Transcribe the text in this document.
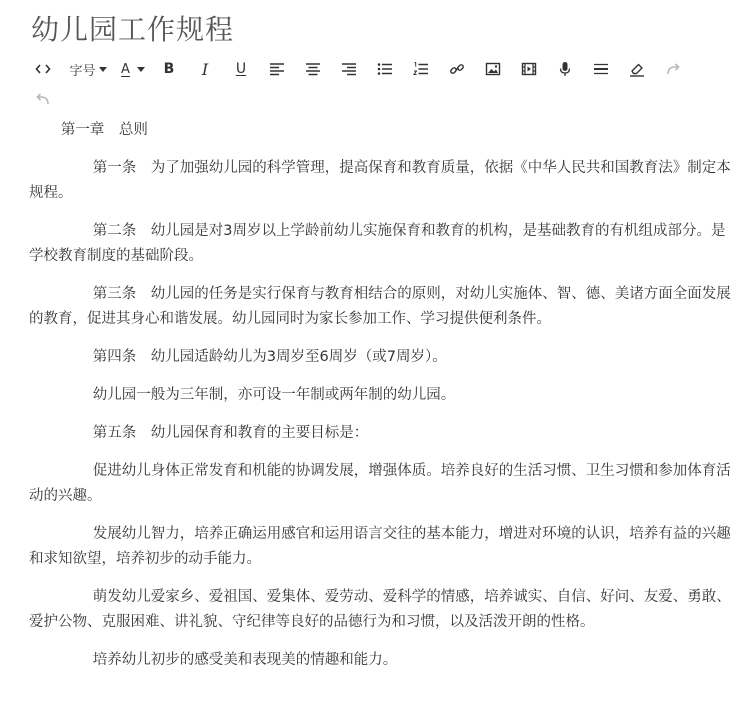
幼儿园工作规程
字号 A B I U

第一章　总则

第一条　为了加强幼儿园的科学管理，提高保育和教育质量，依据《中华人民共和国教育法》制定本规程。

第二条　幼儿园是对3周岁以上学龄前幼儿实施保育和教育的机构，是基础教育的有机组成部分。是学校教育制度的基础阶段。

第三条　幼儿园的任务是实行保育与教育相结合的原则，对幼儿实施体、智、德、美诸方面全面发展的教育，促进其身心和谐发展。幼儿园同时为家长参加工作、学习提供便利条件。

第四条　幼儿园适龄幼儿为3周岁至6周岁（或7周岁）。

幼儿园一般为三年制，亦可设一年制或两年制的幼儿园。

第五条　幼儿园保育和教育的主要目标是：

促进幼儿身体正常发育和机能的协调发展，增强体质。培养良好的生活习惯、卫生习惯和参加体育活动的兴趣。

发展幼儿智力，培养正确运用感官和运用语言交往的基本能力，增进对环境的认识，培养有益的兴趣和求知欲望，培养初步的动手能力。

萌发幼儿爱家乡、爱祖国、爱集体、爱劳动、爱科学的情感，培养诚实、自信、好问、友爱、勇敢、爱护公物、克服困难、讲礼貌、守纪律等良好的品德行为和习惯，以及活泼开朗的性格。

培养幼儿初步的感受美和表现美的情趣和能力。
